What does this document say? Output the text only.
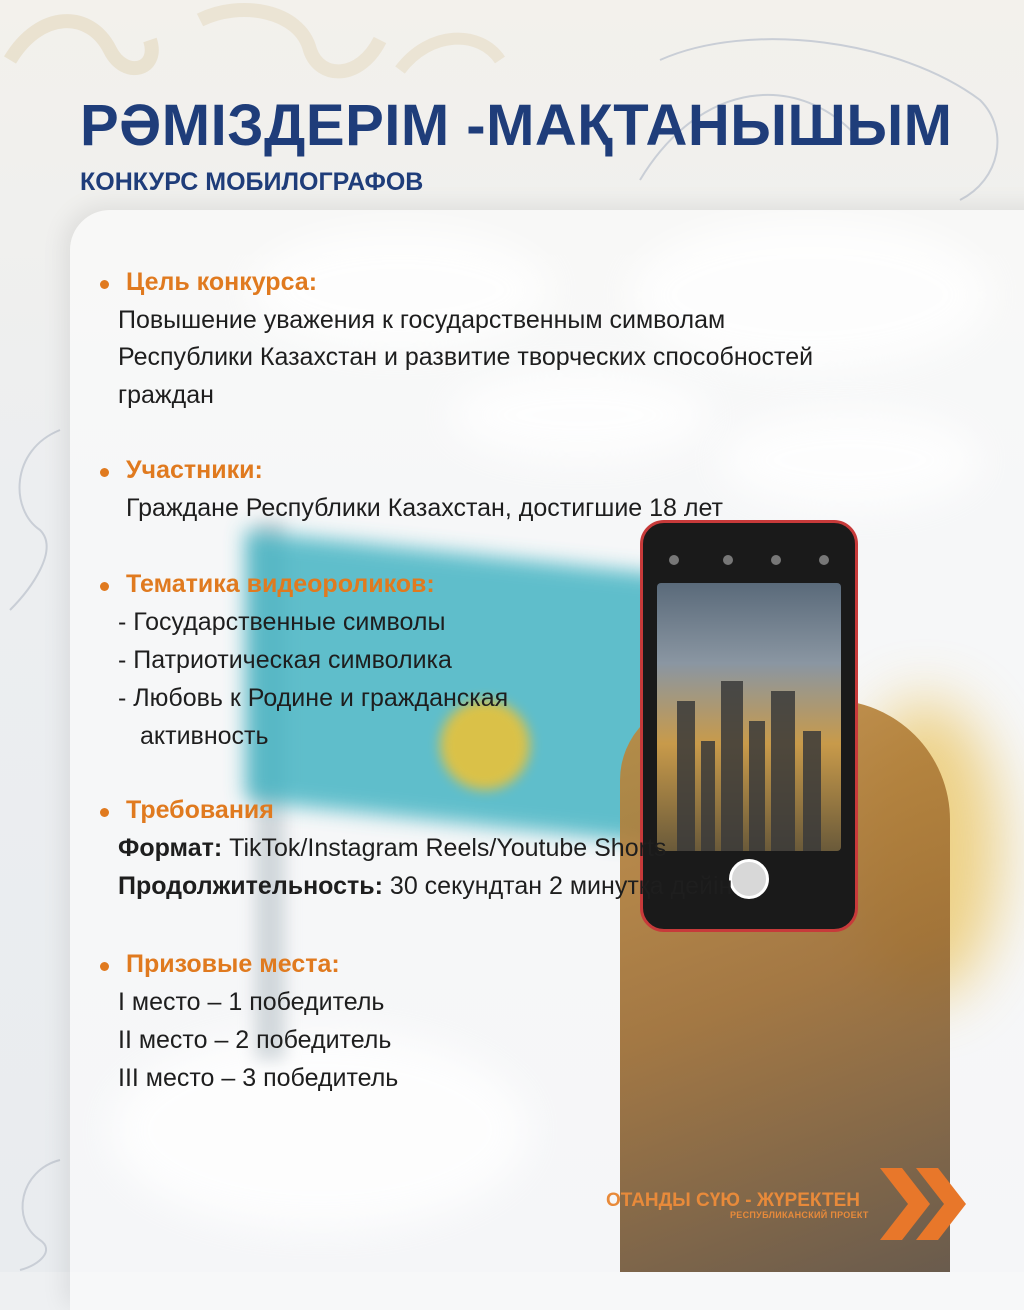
РӘМІЗДЕРІМ -МАҚТАНЫШЫМ
КОНКУРС МОБИЛОГРАФОВ
Цель конкурса:

Повышение уважения к государственным символам

Республики Казахстан и развитие творческих способностей

граждан

Участники:

Граждане Республики Казахстан, достигшие 18 лет

Тематика видеороликов:

- Государственные символы

- Патриотическая символика

- Любовь к Родине и гражданская

активность

Требования

Формат: TikTok/Instagram Reels/Youtube Shorts

Продолжительность: 30 секундтан 2 минутқа дейін

Призовые места:

I место – 1 победитель

II место – 2 победитель

III место – 3 победитель

ОТАНДЫ СҮЮ - ЖҮРЕКТЕН

РЕСПУБЛИКАНСКИЙ ПРОЕКТ
